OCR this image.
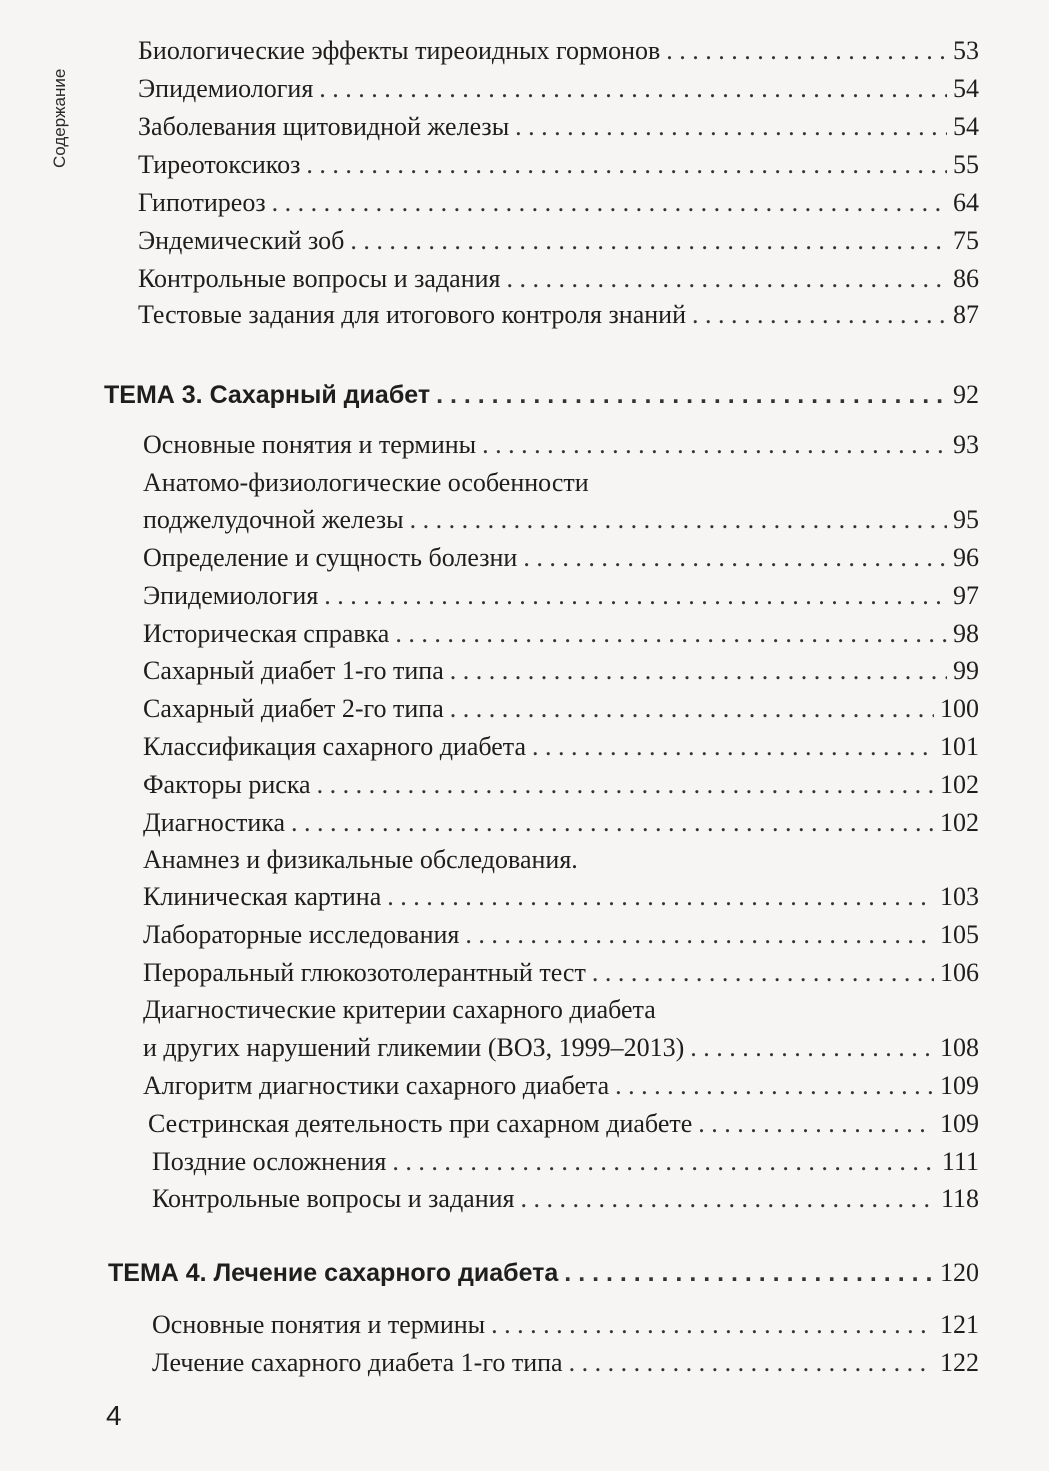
Содержание
Биологические эффекты тиреоидных гормонов . . .	53
Эпидемиология . . .	54
Заболевания щитовидной железы . . .	54
Тиреотоксикоз . . .	55
Гипотиреоз . . .	64
Эндемический зоб . . .	75
Контрольные вопросы и задания . . .	86
Тестовые задания для итогового контроля знаний . . .	87
ТЕМА 3. Сахарный диабет . . .	92
Основные понятия и термины . . .	93
Анатомо-физиологические особенности
поджелудочной железы . . .	95
Определение и сущность болезни . . .	96
Эпидемиология . . .	97
Историческая справка . . .	98
Сахарный диабет 1-го типа . . .	99
Сахарный диабет 2-го типа . . .	100
Классификация сахарного диабета . . .	101
Факторы риска . . .	102
Диагностика . . .	102
Анамнез и физикальные обследования.
Клиническая картина . . .	103
Лабораторные исследования . . .	105
Пероральный глюкозотолерантный тест . . .	106
Диагностические критерии сахарного диабета
и других нарушений гликемии (ВОЗ, 1999–2013) . . .	108
Алгоритм диагностики сахарного диабета . . .	109
Сестринская деятельность при сахарном диабете . . .	109
Поздние осложнения . . .	111
Контрольные вопросы и задания . . .	118
ТЕМА 4. Лечение сахарного диабета . . .	120
Основные понятия и термины . . .	121
Лечение сахарного диабета 1-го типа . . .	122
4
